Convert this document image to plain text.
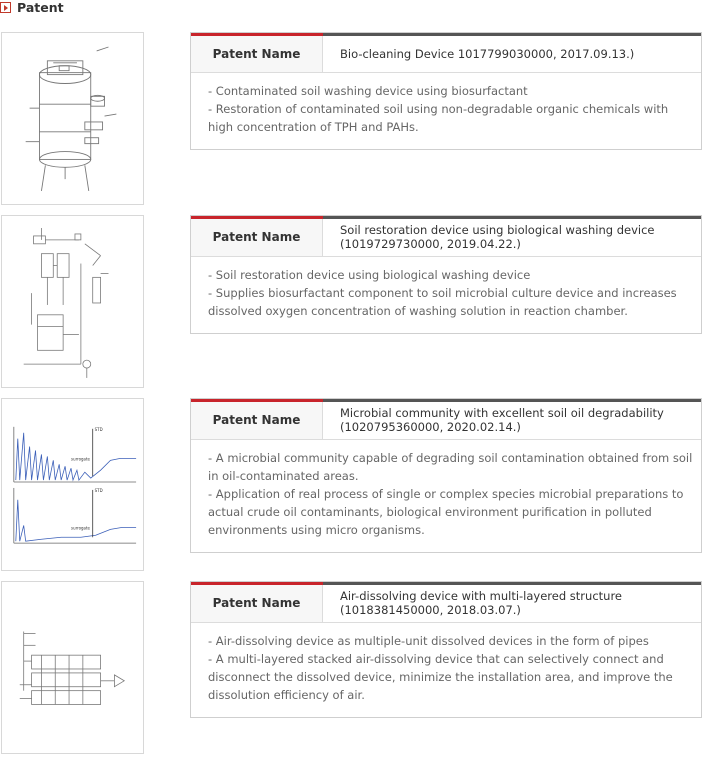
Patent
Patent Name	Bio-cleaning Device 1017799030000, 2017.09.13.)

- Contaminated soil washing device using biosurfactant

- Restoration of contaminated soil using non-degradable organic chemicals with high concentration of TPH and PAHs.

Patent Name
Soil restoration device using biological washing device (1019729730000, 2019.04.22.)

- Soil restoration device using biological washing device

- Supplies biosurfactant component to soil microbial culture device and increases dissolved oxygen concentration of washing solution in reaction chamber.

STD
surrogate
STD
surrogate
Patent Name
Microbial community with excellent soil oil degradability (1020795360000, 2020.02.14.)

- A microbial community capable of degrading soil contamination obtained from soil in oil-contaminated areas.

- Application of real process of single or complex species microbial preparations to actual crude oil contaminants, biological environment purification in polluted environments using micro organisms.

Patent Name
Air-dissolving device with multi-layered structure (1018381450000, 2018.03.07.)

- Air-dissolving device as multiple-unit dissolved devices in the form of pipes

- A multi-layered stacked air-dissolving device that can selectively connect and disconnect the dissolved device, minimize the installation area, and improve the dissolution efficiency of air.
